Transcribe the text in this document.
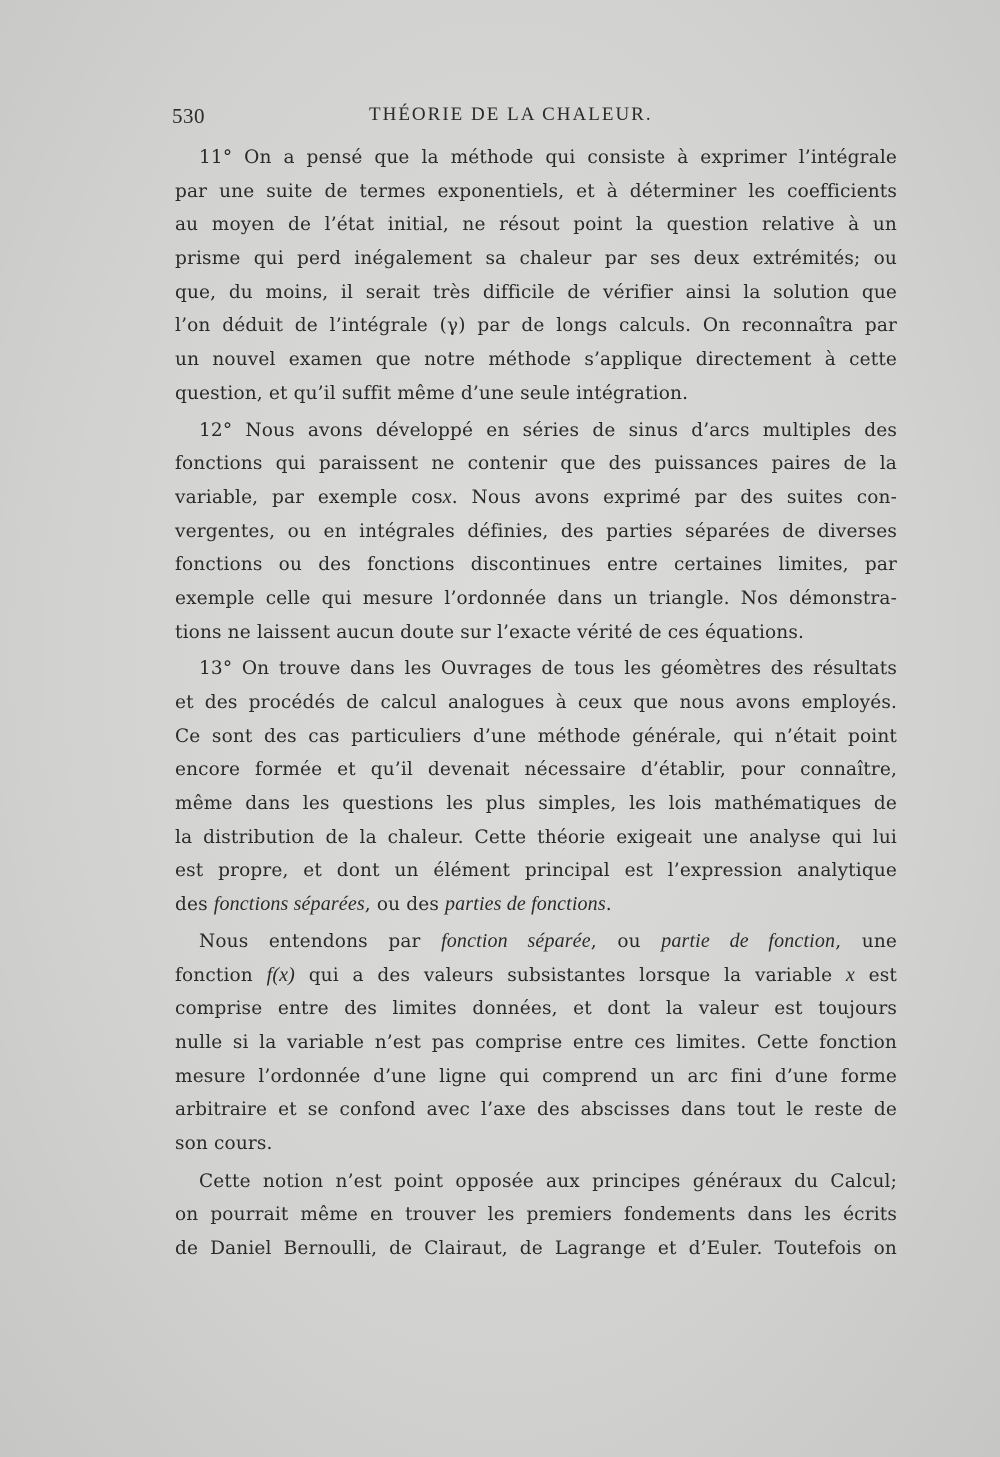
530	THÉORIE DE LA CHALEUR.
11° On a pensé que la méthode qui consiste à exprimer l’intégrale
par une suite de termes exponentiels, et à déterminer les coefficients
au moyen de l’état initial, ne résout point la question relative à un
prisme qui perd inégalement sa chaleur par ses deux extrémités; ou
que, du moins, il serait très difficile de vérifier ainsi la solution que
l’on déduit de l’intégrale (γ) par de longs calculs. On reconnaîtra par
un nouvel examen que notre méthode s’applique directement à cette
question, et qu’il suffit même d’une seule intégration.
12° Nous avons développé en séries de sinus d’arcs multiples des
fonctions qui paraissent ne contenir que des puissances paires de la
variable, par exemple cosx. Nous avons exprimé par des suites con-
vergentes, ou en intégrales définies, des parties séparées de diverses
fonctions ou des fonctions discontinues entre certaines limites, par
exemple celle qui mesure l’ordonnée dans un triangle. Nos démonstra-
tions ne laissent aucun doute sur l’exacte vérité de ces équations.
13° On trouve dans les Ouvrages de tous les géomètres des résultats
et des procédés de calcul analogues à ceux que nous avons employés.
Ce sont des cas particuliers d’une méthode générale, qui n’était point
encore formée et qu’il devenait nécessaire d’établir, pour connaître,
même dans les questions les plus simples, les lois mathématiques de
la distribution de la chaleur. Cette théorie exigeait une analyse qui lui
est propre, et dont un élément principal est l’expression analytique
des fonctions séparées, ou des parties de fonctions.
Nous entendons par fonction séparée, ou partie de fonction, une
fonction f(x) qui a des valeurs subsistantes lorsque la variable x est
comprise entre des limites données, et dont la valeur est toujours
nulle si la variable n’est pas comprise entre ces limites. Cette fonction
mesure l’ordonnée d’une ligne qui comprend un arc fini d’une forme
arbitraire et se confond avec l’axe des abscisses dans tout le reste de
son cours.
Cette notion n’est point opposée aux principes généraux du Calcul;
on pourrait même en trouver les premiers fondements dans les écrits
de Daniel Bernoulli, de Clairaut, de Lagrange et d’Euler. Toutefois on
